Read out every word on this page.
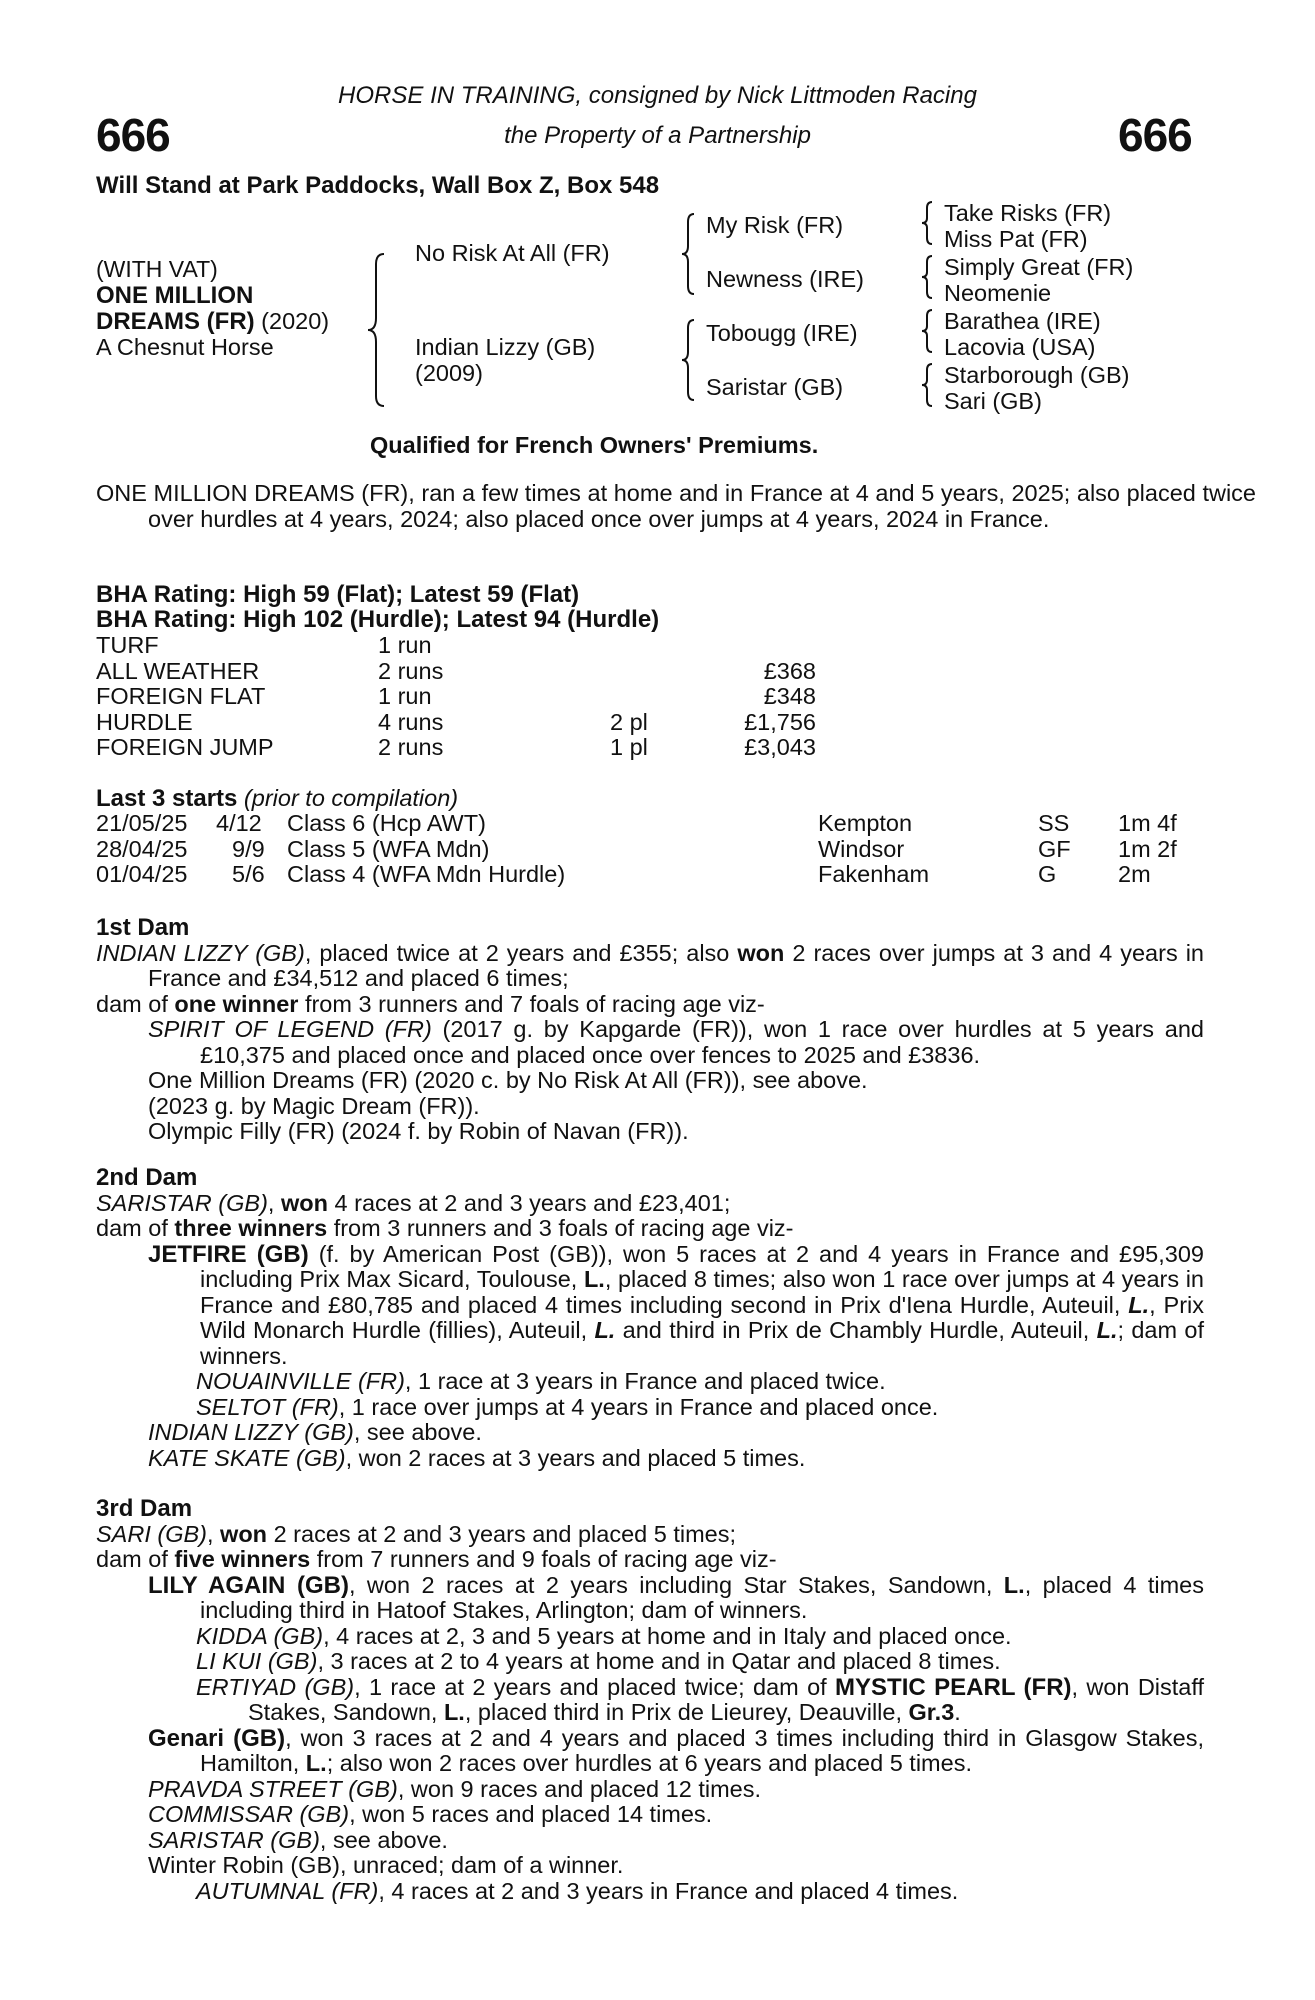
666	666
HORSE IN TRAINING, consigned by Nick Littmoden Racing
the Property of a Partnership
Will Stand at Park Paddocks, Wall Box Z, Box 548
(WITH VAT)
ONE MILLION
DREAMS (FR) (2020)
A Chesnut Horse
No Risk At All (FR)
Indian Lizzy (GB)
(2009)
My Risk (FR)
Newness (IRE)
Tobougg (IRE)
Saristar (GB)
Take Risks (FR)
Miss Pat (FR)
Simply Great (FR)
Neomenie
Barathea (IRE)
Lacovia (USA)
Starborough (GB)
Sari (GB)
Qualified for French Owners' Premiums.
ONE MILLION DREAMS (FR), ran a few times at home and in France at 4 and 5 years, 2025; also placed twice over hurdles at 4 years, 2024; also placed once over jumps at 4 years, 2024 in France.
BHA Rating: High 59 (Flat); Latest 59 (Flat)
BHA Rating: High 102 (Hurdle); Latest 94 (Hurdle)
TURF	1 run
ALL WEATHER	2 runs	£368
FOREIGN FLAT	1 run	£348
HURDLE	4 runs	2 pl	£1,756
FOREIGN JUMP	2 runs	1 pl	£3,043
Last 3 starts (prior to compilation)
21/05/25 4/12 Class 6 (Hcp AWT)	Kempton	SS 1m 4f
28/04/25 9/9 Class 5 (WFA Mdn)	Windsor	GF 1m 2f
01/04/25 5/6 Class 4 (WFA Mdn Hurdle)	Fakenham	G	2m

1st Dam

INDIAN LIZZY (GB), placed twice at 2 years and £355; also won 2 races over jumps at 3 and 4 years in France and £34,512 and placed 6 times;

dam of one winner from 3 runners and 7 foals of racing age viz-

SPIRIT OF LEGEND (FR) (2017 g. by Kapgarde (FR)), won 1 race over hurdles at 5 years and £10,375 and placed once and placed once over fences to 2025 and £3836.

One Million Dreams (FR) (2020 c. by No Risk At All (FR)), see above.

(2023 g. by Magic Dream (FR)).

Olympic Filly (FR) (2024 f. by Robin of Navan (FR)).

2nd Dam

SARISTAR (GB), won 4 races at 2 and 3 years and £23,401;

dam of three winners from 3 runners and 3 foals of racing age viz-

JETFIRE (GB) (f. by American Post (GB)), won 5 races at 2 and 4 years in France and £95,309 including Prix Max Sicard, Toulouse, L., placed 8 times; also won 1 race over jumps at 4 years in France and £80,785 and placed 4 times including second in Prix d'Iena Hurdle, Auteuil, L., Prix Wild Monarch Hurdle (fillies), Auteuil, L. and third in Prix de Chambly Hurdle, Auteuil, L.; dam of winners.

NOUAINVILLE (FR), 1 race at 3 years in France and placed twice.

SELTOT (FR), 1 race over jumps at 4 years in France and placed once.

INDIAN LIZZY (GB), see above.

KATE SKATE (GB), won 2 races at 3 years and placed 5 times.

3rd Dam

SARI (GB), won 2 races at 2 and 3 years and placed 5 times;

dam of five winners from 7 runners and 9 foals of racing age viz-

LILY AGAIN (GB), won 2 races at 2 years including Star Stakes, Sandown, L., placed 4 times including third in Hatoof Stakes, Arlington; dam of winners.

KIDDA (GB), 4 races at 2, 3 and 5 years at home and in Italy and placed once.

LI KUI (GB), 3 races at 2 to 4 years at home and in Qatar and placed 8 times.

ERTIYAD (GB), 1 race at 2 years and placed twice; dam of MYSTIC PEARL (FR), won Distaff Stakes, Sandown, L., placed third in Prix de Lieurey, Deauville, Gr.3.

Genari (GB), won 3 races at 2 and 4 years and placed 3 times including third in Glasgow Stakes, Hamilton, L.; also won 2 races over hurdles at 6 years and placed 5 times.

PRAVDA STREET (GB), won 9 races and placed 12 times.

COMMISSAR (GB), won 5 races and placed 14 times.

SARISTAR (GB), see above.

Winter Robin (GB), unraced; dam of a winner.

AUTUMNAL (FR), 4 races at 2 and 3 years in France and placed 4 times.
